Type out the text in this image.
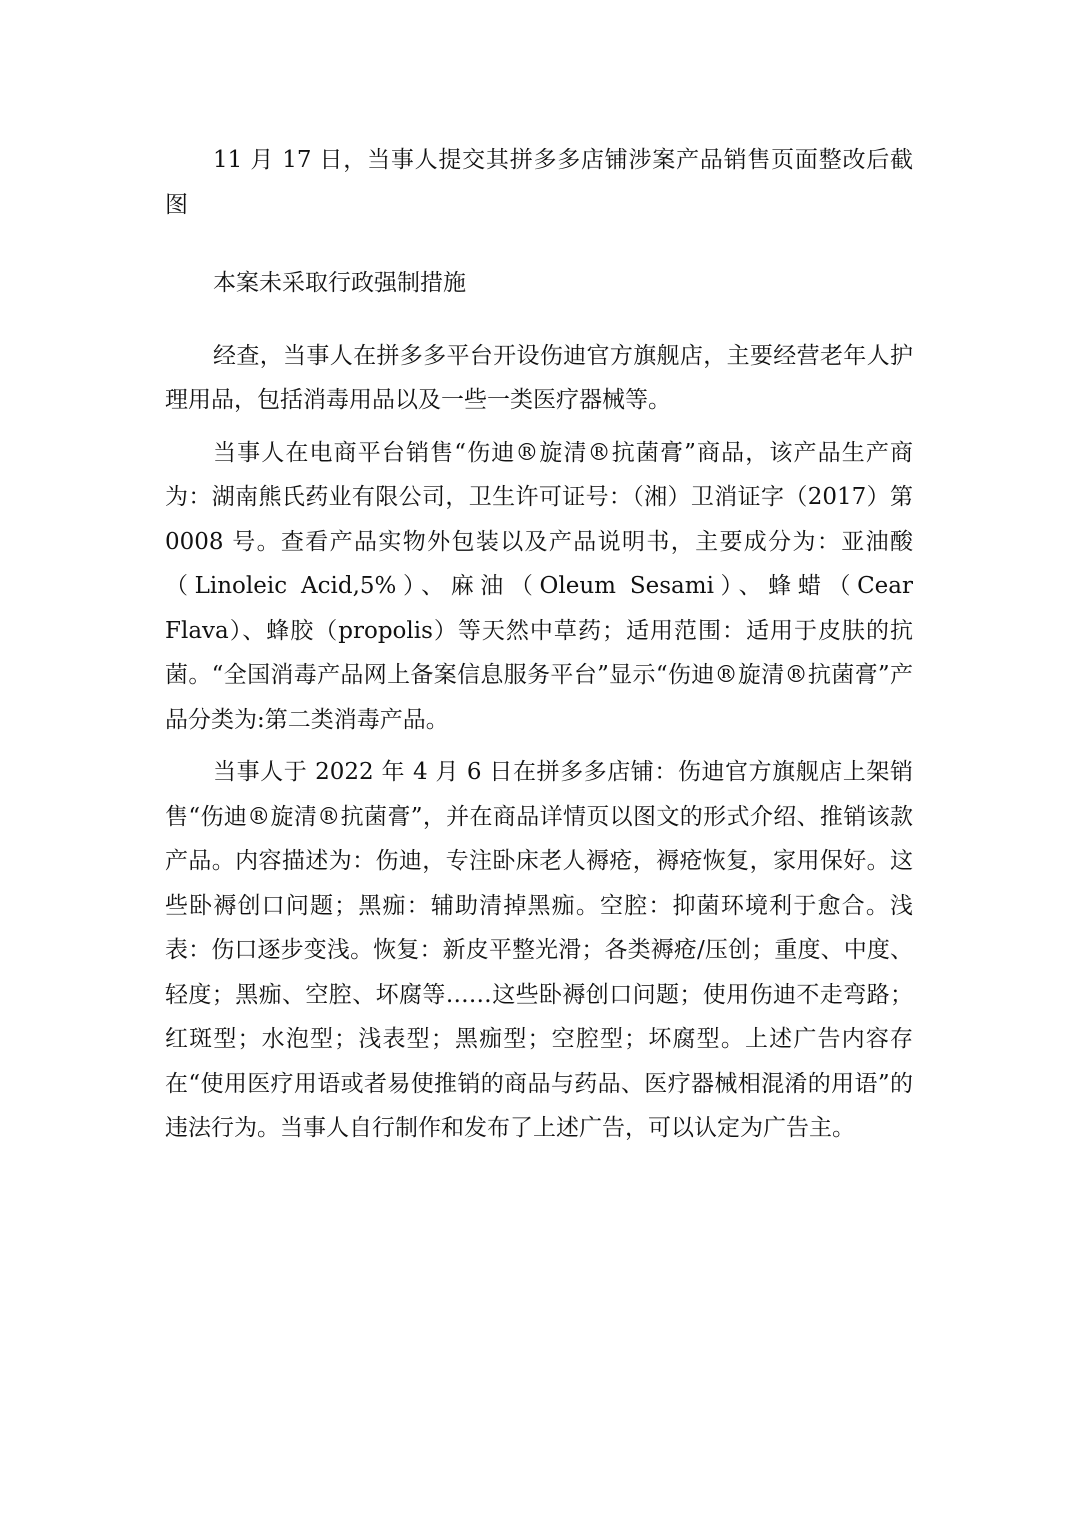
11 月 17 日，当事人提交其拼多多店铺涉案产品销售页面整改后截图

本案未采取行政强制措施

经查，当事人在拼多多平台开设伤迪官方旗舰店，主要经营老年人护理用品，包括消毒用品以及一些一类医疗器械等。

当事人在电商平台销售“伤迪®旋清®抗菌膏”商品，该产品生产商为：湖南熊氏药业有限公司，卫生许可证号：（湘）卫消证字（2017）第 0008 号。查看产品实物外包装以及产品说明书，主要成分为：亚油酸（Linoleic Acid,5%）、麻油（Oleum Sesami）、蜂蜡（Cear Flava）、蜂胶（propolis）等天然中草药；适用范围：适用于皮肤的抗菌。“全国消毒产品网上备案信息服务平台”显示“伤迪®旋清®抗菌膏”产品分类为:第二类消毒产品。

当事人于 2022 年 4 月 6 日在拼多多店铺：伤迪官方旗舰店上架销售“伤迪®旋清®抗菌膏”，并在商品详情页以图文的形式介绍、推销该款产品。内容描述为：伤迪，专注卧床老人褥疮，褥疮恢复，家用保好。这些卧褥创口问题；黑痂：辅助清掉黑痂。空腔：抑菌环境利于愈合。浅表：伤口逐步变浅。恢复：新皮平整光滑；各类褥疮/压创；重度、中度、轻度；黑痂、空腔、坏腐等……这些卧褥创口问题；使用伤迪不走弯路；红斑型；水泡型；浅表型；黑痂型；空腔型；坏腐型。上述广告内容存在“使用医疗用语或者易使推销的商品与药品、医疗器械相混淆的用语”的违法行为。当事人自行制作和发布了上述广告，可以认定为广告主。
